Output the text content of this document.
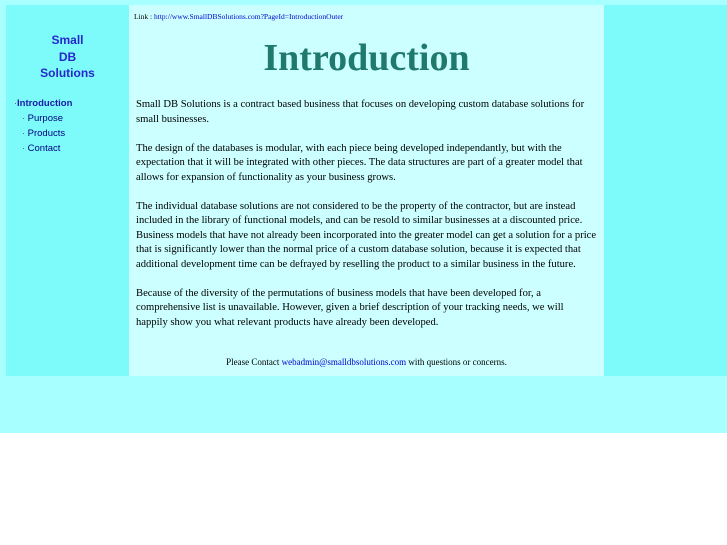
Small
DB
Solutions
·Introduction
· Purpose
· Products
· Contact
Link : http://www.SmallDBSolutions.com?PageId=IntroductionOuter
Introduction

Small DB Solutions is a contract based business that focuses on developing custom database solutions for small businesses.

The design of the databases is modular, with each piece being developed independantly, but with the expectation that it will be integrated with other pieces. The data structures are part of a greater model that allows for expansion of functionality as your business grows.

The individual database solutions are not considered to be the property of the contractor, but are instead included in the library of functional models, and can be resold to similar businesses at a discounted price. Business models that have not already been incorporated into the greater model can get a solution for a price that is significantly lower than the normal price of a custom database solution, because it is expected that additional development time can be defrayed by reselling the product to a similar business in the future.

Because of the diversity of the permutations of business models that have been developed for, a comprehensive list is unavailable. However, given a brief description of your tracking needs, we will happily show you what relevant products have already been developed.

Please Contact webadmin@smalldbsolutions.com with questions or concerns.
